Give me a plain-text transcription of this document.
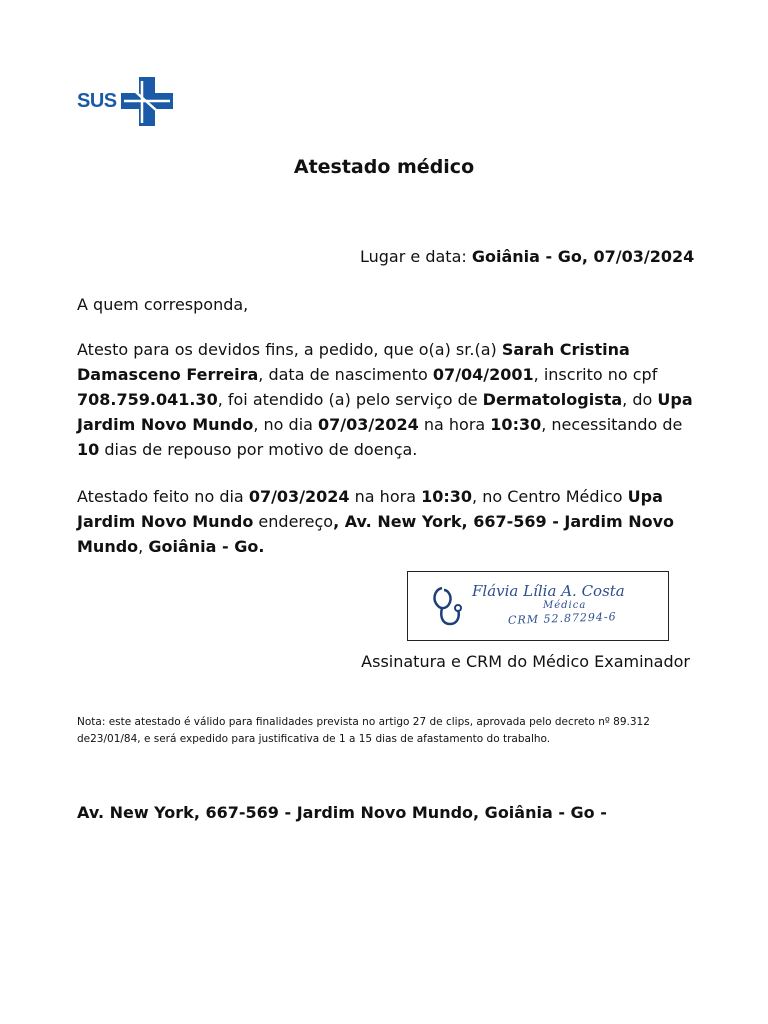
SUS
Atestado médico
Lugar e data: Goiânia - Go, 07/03/2024

A quem corresponda,

Atesto para os devidos fins, a pedido, que o(a) sr.(a) Sarah Cristina Damasceno Ferreira, data de nascimento 07/04/2001, inscrito no cpf 708.759.041.30, foi atendido (a) pelo serviço de Dermatologista, do Upa Jardim Novo Mundo, no dia 07/03/2024 na hora 10:30, necessitando de 10 dias de repouso por motivo de doença.

Atestado feito no dia 07/03/2024 na hora 10:30, no Centro Médico Upa Jardim Novo Mundo endereço, Av. New York, 667-569 - Jardim Novo Mundo, Goiânia - Go.

Flávia Lília A. Costa
Médica
CRM 52.87294-6
Assinatura e CRM do Médico Examinador

Nota: este atestado é válido para finalidades prevista no artigo 27 de clips, aprovada pelo decreto nº 89.312 de23/01/84, e será expedido para justificativa de 1 a 15 dias de afastamento do trabalho.

Av. New York, 667-569 - Jardim Novo Mundo, Goiânia - Go -
